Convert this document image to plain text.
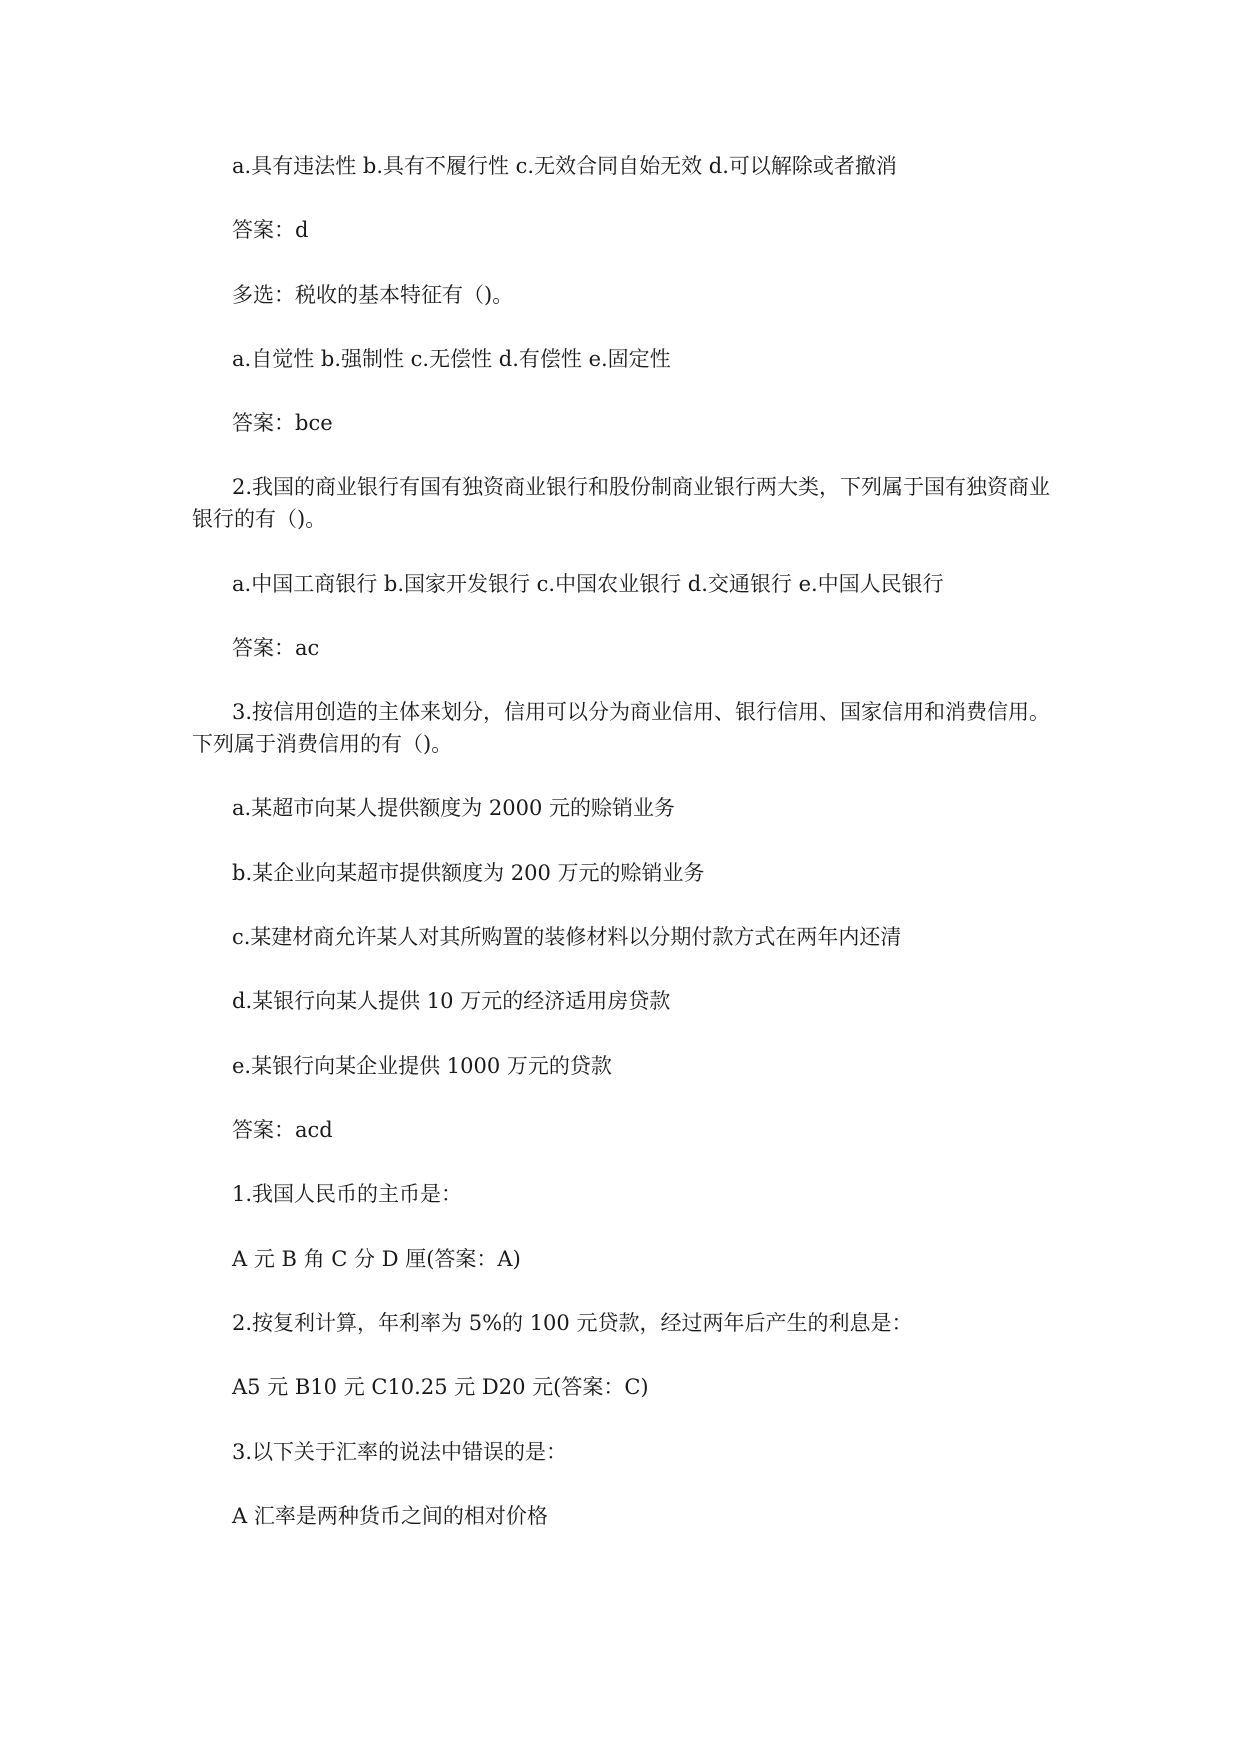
a.具有违法性 b.具有不履行性 c.无效合同自始无效 d.可以解除或者撤消
答案：d
多选：税收的基本特征有（)。
a.自觉性 b.强制性 c.无偿性 d.有偿性 e.固定性
答案：bce
2.我国的商业银行有国有独资商业银行和股份制商业银行两大类，下列属于国有独资商业银行的有（)。
a.中国工商银行 b.国家开发银行 c.中国农业银行 d.交通银行 e.中国人民银行
答案：ac
3.按信用创造的主体来划分，信用可以分为商业信用、银行信用、国家信用和消费信用。下列属于消费信用的有（)。
a.某超市向某人提供额度为 2000 元的赊销业务
b.某企业向某超市提供额度为 200 万元的赊销业务
c.某建材商允许某人对其所购置的装修材料以分期付款方式在两年内还清
d.某银行向某人提供 10 万元的经济适用房贷款
e.某银行向某企业提供 1000 万元的贷款
答案：acd
1.我国人民币的主币是：
A 元 B 角 C 分 D 厘(答案：A)
2.按复利计算，年利率为 5%的 100 元贷款，经过两年后产生的利息是：
A5 元 B10 元 C10.25 元 D20 元(答案：C)
3.以下关于汇率的说法中错误的是：
A 汇率是两种货币之间的相对价格
